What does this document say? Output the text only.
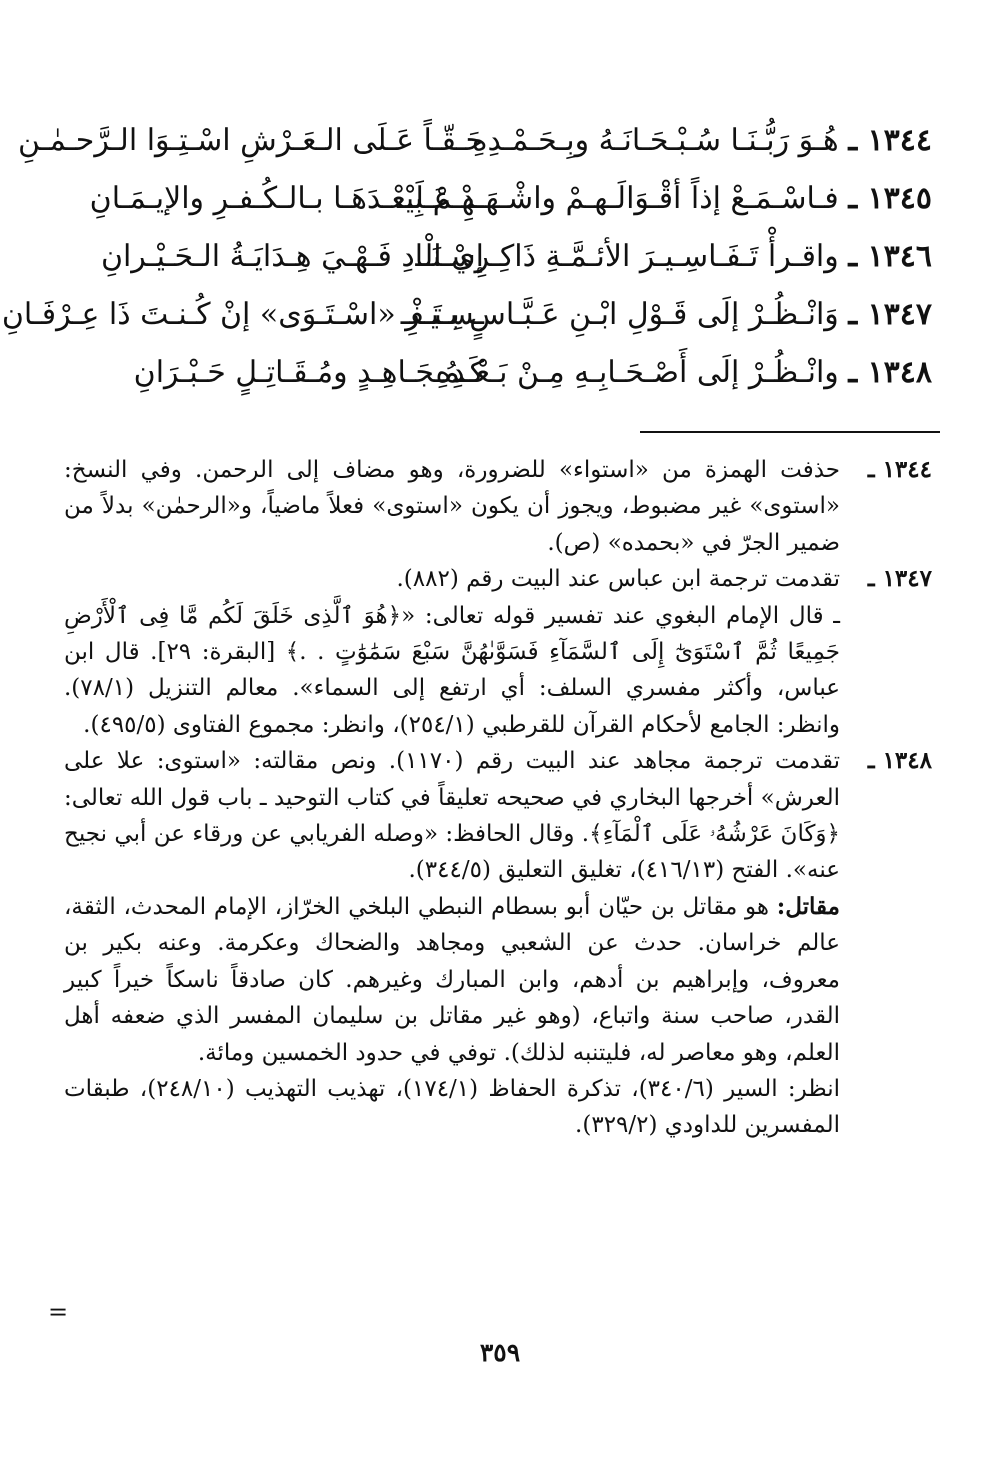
١٣٤٤ ـ هُـوَ رَبُّـنَـا سُـبْـحَـانَـهُ وبِـحَـمْـدِهِ
حَـقّـاً عَـلَى الـعَـرْشِ اسْـتِـوَا الـرَّحـمٰـنِ
١٣٤٥ ـ فـاسْـمَـعْ إذاً أقْـوَالَـهـمْ واشْـهَـدْ عَـلَيْـ
ـهِـمْ بِـعْـدَهَـا بـالـكُـفـرِ والإيـمَـانِ
١٣٤٦ ـ واقـرأْ تَـفَـاسِـيـرَ الأئـمَّـةِ ذَاكِـرِي الْـ
إسْـنَـادِ فَـهْـيَ هِـدَايَـةُ الـحَـيْـرانِ
١٣٤٧ ـ وَانْـظُـرْ إلَى قَـوْلِ ابْـنِ عَـبَّـاسٍ بـتَـفْـ
ـسِـيـرِ «اسْـتَـوَى» إنْ كُـنـتَ ذَا عِـرْفَـانِ
١٣٤٨ ـ وانْـظُـرْ إلَى أَصْـحَـابِـهِ مِـنْ بَـعْـدِهِ
كَـمُـجَـاهِـدٍ ومُـقَـاتِـلٍ حَـبْـرَانِ
١٣٤٤ ـ
حذفت الهمزة من «استواء» للضرورة، وهو مضاف إلى الرحمن. وفي النسخ: «استوى» غير مضبوط، ويجوز أن يكون «استوى» فعلاً ماضياً، و«الرحمٰن» بدلاً من ضمير الجرّ في «بحمده» (ص).
١٣٤٧ ـ
تقدمت ترجمة ابن عباس عند البيت رقم (٨٨٢).
ـ قال الإمام البغوي عند تفسير قوله تعالى: «﴿هُوَ ٱلَّذِى خَلَقَ لَكُم مَّا فِى ٱلْأَرْضِ جَمِيعًا ثُمَّ ٱسْتَوَىٰٓ إِلَى ٱلسَّمَآءِ فَسَوَّىٰهُنَّ سَبْعَ سَمَٰوَٰتٍ . .﴾ [البقرة: ٢٩]. قال ابن عباس، وأكثر مفسري السلف: أي ارتفع إلى السماء». معالم التنزيل (٧٨/١). وانظر: الجامع لأحكام القرآن للقرطبي (٢٥٤/١)، وانظر: مجموع الفتاوى (٤٩٥/٥).
١٣٤٨ ـ
تقدمت ترجمة مجاهد عند البيت رقم (١١٧٠). ونص مقالته: «استوى: علا على العرش» أخرجها البخاري في صحيحه تعليقاً في كتاب التوحيد ـ باب قول الله تعالى: ﴿وَكَانَ عَرْشُهُۥ عَلَى ٱلْمَآءِ﴾. وقال الحافظ: «وصله الفريابي عن ورقاء عن أبي نجيح عنه». الفتح (٤١٦/١٣)، تغلیق التعليق (٣٤٤/٥).
مقاتل: هو مقاتل بن حيّان أبو بسطام النبطي البلخي الخرّاز، الإمام المحدث، الثقة، عالم خراسان. حدث عن الشعبي ومجاهد والضحاك وعكرمة. وعنه بكير بن معروف، وإبراهيم بن أدهم، وابن المبارك وغيرهم. كان صادقاً ناسكاً خيراً كبير القدر، صاحب سنة واتباع، (وهو غير مقاتل بن سليمان المفسر الذي ضعفه أهل العلم، وهو معاصر له، فليتنبه لذلك). توفي في حدود الخمسين ومائة.
انظر: السير (٣٤٠/٦)، تذكرة الحفاظ (١٧٤/١)، تهذيب التهذيب (٢٤٨/١٠)، طبقات المفسرين للداودي (٣٢٩/٢).
=
٣٥٩
